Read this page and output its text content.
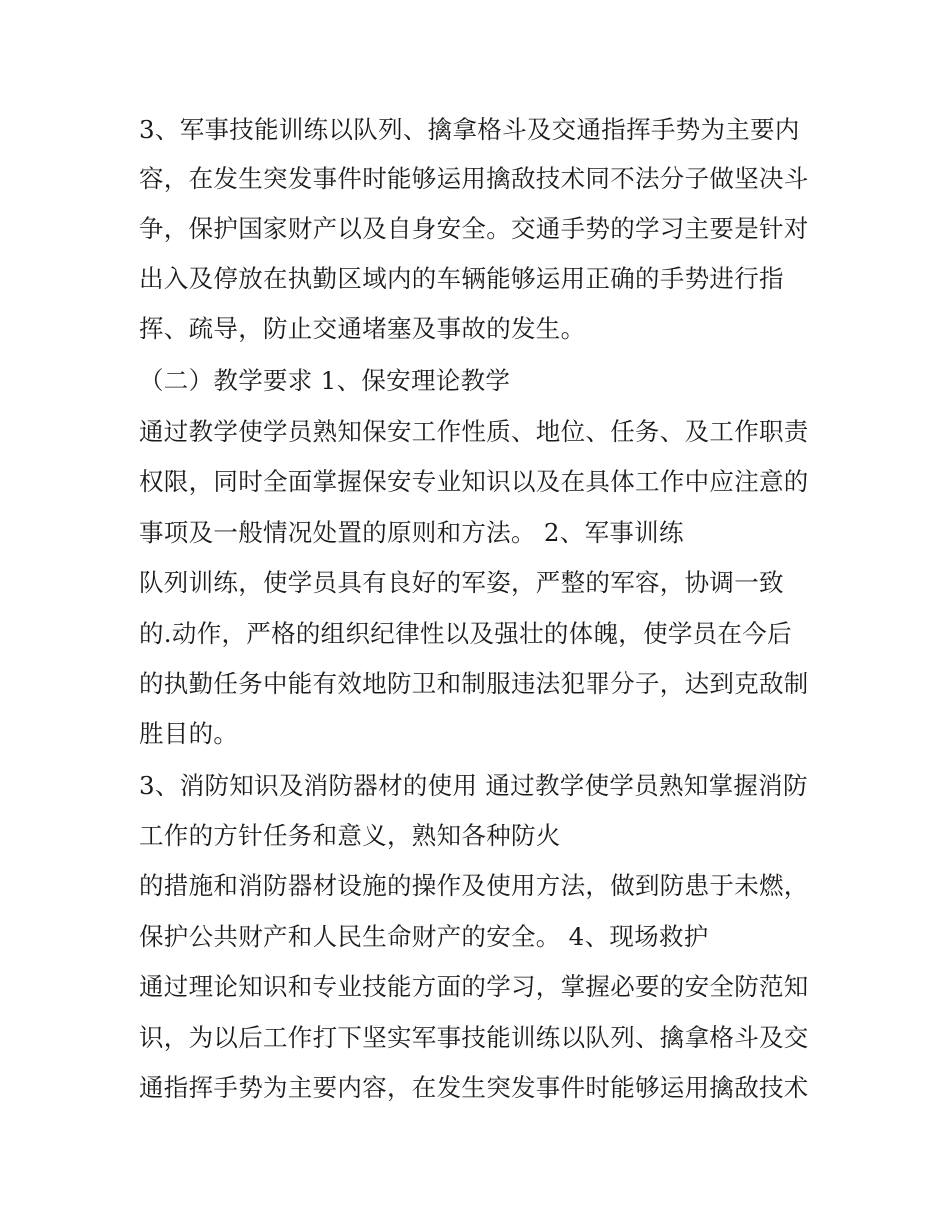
3、军事技能训练以队列、擒拿格斗及交通指挥手势为主要内
容，在发生突发事件时能够运用擒敌技术同不法分子做坚决斗
争，保护国家财产以及自身安全。交通手势的学习主要是针对
出入及停放在执勤区域内的车辆能够运用正确的手势进行指
挥、疏导，防止交通堵塞及事故的发生。
（二）教学要求 1、保安理论教学
通过教学使学员熟知保安工作性质、地位、任务、及工作职责
权限，同时全面掌握保安专业知识以及在具体工作中应注意的
事项及一般情况处置的原则和方法。 2、军事训练
队列训练，使学员具有良好的军姿，严整的军容，协调一致
的.动作，严格的组织纪律性以及强壮的体魄，使学员在今后
的执勤任务中能有效地防卫和制服违法犯罪分子，达到克敌制
胜目的。
3、消防知识及消防器材的使用 通过教学使学员熟知掌握消防
工作的方针任务和意义，熟知各种防火
的措施和消防器材设施的操作及使用方法，做到防患于未燃，
保护公共财产和人民生命财产的安全。 4、现场救护
通过理论知识和专业技能方面的学习，掌握必要的安全防范知
识，为以后工作打下坚实军事技能训练以队列、擒拿格斗及交
通指挥手势为主要内容，在发生突发事件时能够运用擒敌技术
